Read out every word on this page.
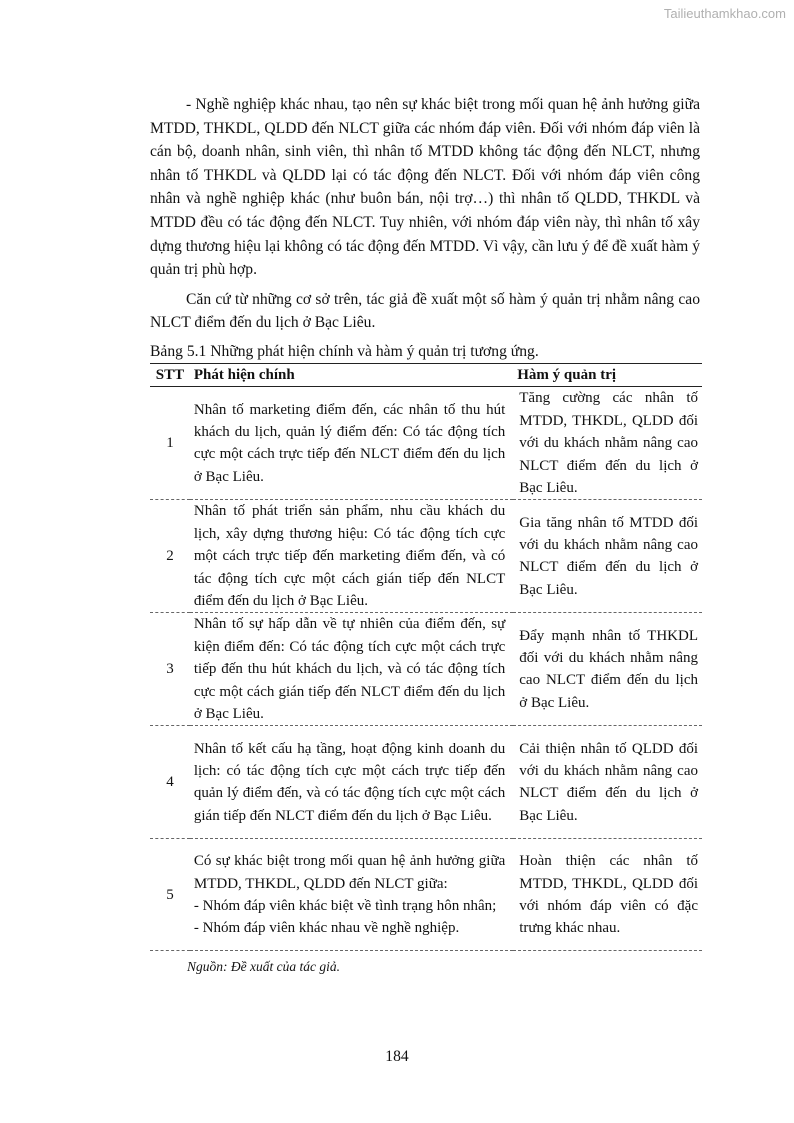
Tailieuthamkhao.com

- Nghề nghiệp khác nhau, tạo nên sự khác biệt trong mối quan hệ ảnh hưởng giữa MTDD, THKDL, QLDD đến NLCT giữa các nhóm đáp viên. Đối với nhóm đáp viên là cán bộ, doanh nhân, sinh viên, thì nhân tố MTDD không tác động đến NLCT, nhưng nhân tố THKDL và QLDD lại có tác động đến NLCT. Đối với nhóm đáp viên công nhân và nghề nghiệp khác (như buôn bán, nội trợ…) thì nhân tố QLDD, THKDL và MTDD đều có tác động đến NLCT. Tuy nhiên, với nhóm đáp viên này, thì nhân tố xây dựng thương hiệu lại không có tác động đến MTDD. Vì vậy, cần lưu ý để đề xuất hàm ý quản trị phù hợp.

Căn cứ từ những cơ sở trên, tác giả đề xuất một số hàm ý quản trị nhằm nâng cao NLCT điểm đến du lịch ở Bạc Liêu.

Bảng 5.1 Những phát hiện chính và hàm ý quản trị tương ứng.

STT	Phát hiện chính	Hàm ý quản trị
1	Nhân tố marketing điểm đến, các nhân tố thu hút khách du lịch, quản lý điểm đến: Có tác động tích cực một cách trực tiếp đến NLCT điểm đến du lịch ở Bạc Liêu.	Tăng cường các nhân tố MTDD, THKDL, QLDD đối với du khách nhằm nâng cao NLCT điểm đến du lịch ở Bạc Liêu.
2	Nhân tố phát triển sản phẩm, nhu cầu khách du lịch, xây dựng thương hiệu: Có tác động tích cực một cách trực tiếp đến marketing điểm đến, và có tác động tích cực một cách gián tiếp đến NLCT điểm đến du lịch ở Bạc Liêu.	Gia tăng nhân tố MTDD đối với du khách nhằm nâng cao NLCT điểm đến du lịch ở Bạc Liêu.
3	Nhân tố sự hấp dẫn về tự nhiên của điểm đến, sự kiện điểm đến: Có tác động tích cực một cách trực tiếp đến thu hút khách du lịch, và có tác động tích cực một cách gián tiếp đến NLCT điểm đến du lịch ở Bạc Liêu.	Đẩy mạnh nhân tố THKDL đối với du khách nhằm nâng cao NLCT điểm đến du lịch ở Bạc Liêu.
4	Nhân tố kết cấu hạ tầng, hoạt động kinh doanh du lịch: có tác động tích cực một cách trực tiếp đến quản lý điểm đến, và có tác động tích cực một cách gián tiếp đến NLCT điểm đến du lịch ở Bạc Liêu.	Cải thiện nhân tố QLDD đối với du khách nhằm nâng cao NLCT điểm đến du lịch ở Bạc Liêu.
5	Có sự khác biệt trong mối quan hệ ảnh hưởng giữa MTDD, THKDL, QLDD đến NLCT giữa:
- Nhóm đáp viên khác biệt về tình trạng hôn nhân;
- Nhóm đáp viên khác nhau về nghề nghiệp.	Hoàn thiện các nhân tố MTDD, THKDL, QLDD đối với nhóm đáp viên có đặc trưng khác nhau.

Nguồn: Đề xuất của tác giả.

184
